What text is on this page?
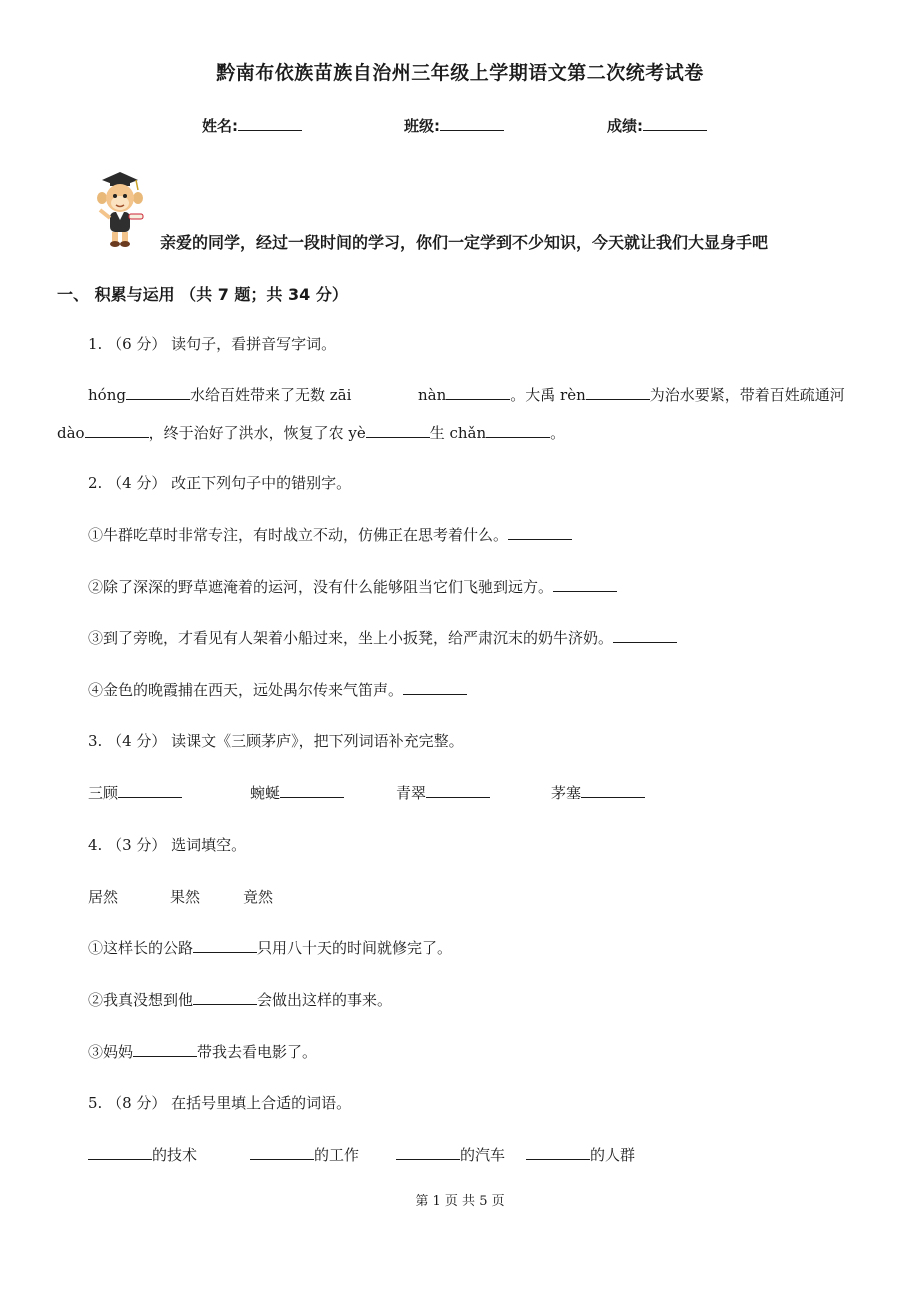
黔南布依族苗族自治州三年级上学期语文第二次统考试卷
姓名:	班级:	成绩:
亲爱的同学，经过一段时间的学习，你们一定学到不少知识，今天就让我们大显身手吧
一、 积累与运用 （共 7 题；共 34 分）
1. （6 分） 读句子，看拼音写字词。
hóng	水给百姓带来了无数 zāi	nàn	。大禹 rèn	为治水要紧，带着百姓疏通河
dào	，终于治好了洪水，恢复了农 yè	生 chǎn	。
2. （4 分） 改正下列句子中的错别字。
①牛群吃草时非常专注，有时战立不动，仿佛正在思考着什么。
②除了深深的野草遮淹着的运河，没有什么能够阻当它们飞驰到远方。
③到了旁晚，才看见有人架着小船过来，坐上小扳凳，给严肃沉末的奶牛济奶。
④金色的晚霞捕在西天，远处禺尔传来气笛声。
3. （4 分） 读课文《三顾茅庐》，把下列词语补充完整。
三顾	蜿蜒	青翠	茅塞
4. （3 分） 选词填空。
居然	果然	竟然
①这样长的公路	只用八十天的时间就修完了。
②我真没想到他	会做出这样的事来。
③妈妈	带我去看电影了。
5. （8 分） 在括号里填上合适的词语。
的技术	的工作	的汽车	的人群
第 1 页 共 5 页
